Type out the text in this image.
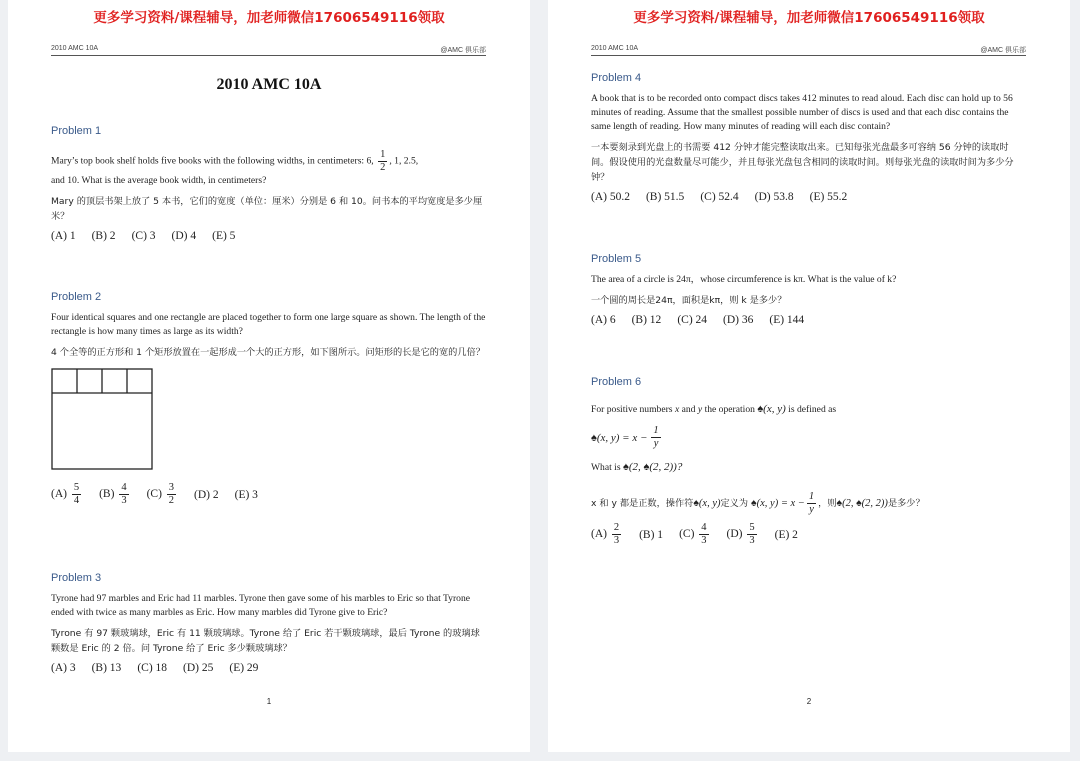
更多学习资料/课程辅导，加老师微信17606549116领取
2010 AMC 10A	@AMC 俱乐部
2010 AMC 10A
Problem 1

Mary’s top book shelf holds five books with the following widths, in centimeters: 6, $\frac{1}{2}$ , 1, 2.5,
and 10. What is the average book width, in centimeters?

Mary 的顶层书架上放了 5 本书，它们的宽度（单位：厘米）分别是 6 和 10。问书本的平均宽度是多少厘米？

(A) 1 (B) 2 (C) 3 (D) 4 (E) 5
Problem 2

Four identical squares and one rectangle are placed together to form one large square as shown. The length of the rectangle is how many times as large as its width?

4 个全等的正方形和 1 个矩形放置在一起形成一个大的正方形，如下图所示。问矩形的长是它的宽的几倍？

$(A) \frac{5}{4} (B) \frac{4}{3} (C) \frac{3}{2} (D)$ 2 (E) 3
Problem 3

Tyrone had 97 marbles and Eric had 11 marbles. Tyrone then gave some of his marbles to Eric so that Tyrone ended with twice as many marbles as Eric. How many marbles did Tyrone give to Eric?

Tyrone 有 97 颗玻璃球，Eric 有 11 颗玻璃球。Tyrone 给了 Eric 若干颗玻璃球，最后 Tyrone 的玻璃球颗数是 Eric 的 2 倍。问 Tyrone 给了 Eric 多少颗玻璃球？

(A) 3 (B) 13 (C) 18 (D) 25 (E) 29
1
更多学习资料/课程辅导，加老师微信17606549116领取
2010 AMC 10A	@AMC 俱乐部
Problem 4

A book that is to be recorded onto compact discs takes 412 minutes to read aloud. Each disc can hold up to 56 minutes of reading. Assume that the smallest possible number of discs is used and that each disc contains the same length of reading. How many minutes of reading will each disc contain?

一本要刻录到光盘上的书需要 412 分钟才能完整读取出来。已知每张光盘最多可容纳 56 分钟的读取时间。假设使用的光盘数量尽可能少，并且每张光盘包含相同的读取时间。则每张光盘的读取时间为多少分钟？

(A) 50.2 (B) 51.5 (C) 52.4 (D) 53.8 (E) 55.2
Problem 5

The area of a circle is 24π，whose circumference is kπ. What is the value of k?

一个圆的周长是24π，面积是kπ，则 k 是多少？

(A) 6 (B) 12 (C) 24 (D) 36 (E) 144
Problem 6

For positive numbers x and y the operation ♠(x, y) is defined as

♠(x, $y) = x - \frac{1}{y}$

What is ♠(2, ♠(2, 2))?

x 和 y 都是正数，操作符 ♠(x, y) 定义为 ♠(x, $y) = x - \frac{1}{y}$ ，则 ♠(2, ♠(2, 2)) 是多少？

$(A) \frac{2}{3} (B)$ 1 $(C) \frac{4}{3} (D) \frac{5}{3} (E)$ 2
2
